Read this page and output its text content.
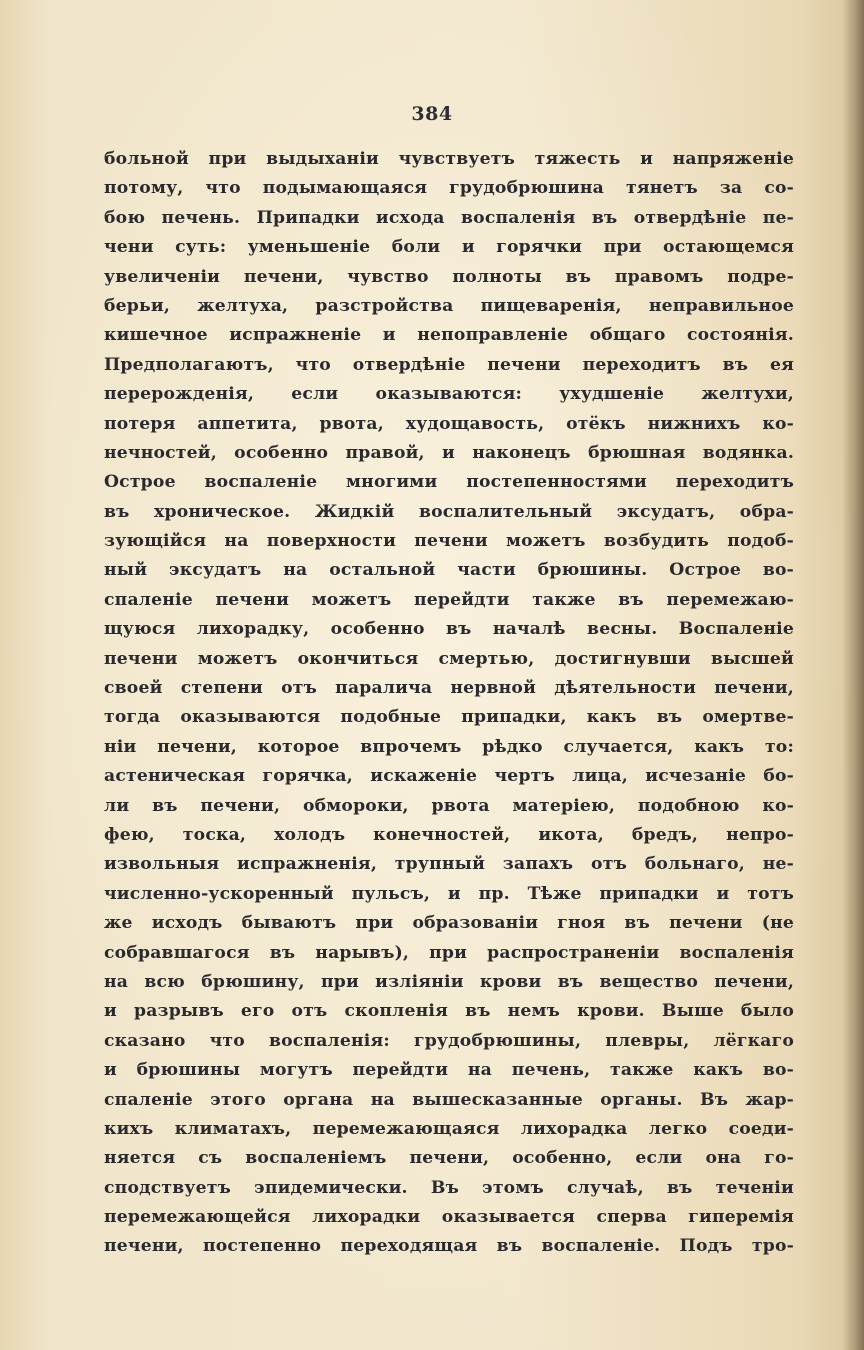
384
больной при выдыханіи чувствуетъ тяжесть и напряженіе
потому, что подымающаяся грудобрюшина тянетъ за со-
бою печень. Припадки исхода воспаленія въ отвердѣніе пе-
чени суть: уменьшеніе боли и горячки при остающемся
увеличеніи печени, чувство полноты въ правомъ подре-
берьи, желтуха, разстройства пищеваренія, неправильное
кишечное испражненіе и непоправленіе общаго состоянія.
Предполагаютъ, что отвердѣніе печени переходитъ въ ея
перерожденія, если оказываются: ухудшеніе желтухи,
потеря аппетита, рвота, худощавость, отёкъ нижнихъ ко-
нечностей, особенно правой, и наконецъ брюшная водянка.
Острое воспаленіе многими постепенностями переходитъ
въ хроническое. Жидкій воспалительный эксудатъ, обра-
зующійся на поверхности печени можетъ возбудить подоб-
ный эксудатъ на остальной части брюшины. Острое во-
спаленіе печени можетъ перейдти также въ перемежаю-
щуюся лихорадку, особенно въ началѣ весны. Воспаленіе
печени можетъ окончиться смертью, достигнувши высшей
своей степени отъ паралича нервной дѣятельности печени,
тогда оказываются подобные припадки, какъ въ омертве-
ніи печени, которое впрочемъ рѣдко случается, какъ то:
астеническая горячка, искаженіе чертъ лица, исчезаніе бо-
ли въ печени, обмороки, рвота матеріею, подобною ко-
фею, тоска, холодъ конечностей, икота, бредъ, непро-
извольныя испражненія, трупный запахъ отъ больнаго, не-
численно-ускоренный пульсъ, и пр. Тѣже припадки и тотъ
же исходъ бываютъ при образованіи гноя въ печени (не
собравшагося въ нарывъ), при распространеніи воспаленія
на всю брюшину, при изліяніи крови въ вещество печени,
и разрывъ его отъ скопленія въ немъ крови. Выше было
сказано что воспаленія: грудобрюшины, плевры, лёгкаго
и брюшины могутъ перейдти на печень, также какъ во-
спаленіе этого органа на вышесказанные органы. Въ жар-
кихъ климатахъ, перемежающаяся лихорадка легко соеди-
няется съ воспаленіемъ печени, особенно, если она го-
сподствуетъ эпидемически. Въ этомъ случаѣ, въ теченіи
перемежающейся лихорадки оказывается сперва гиперемія
печени, постепенно переходящая въ воспаленіе. Подъ тро-
